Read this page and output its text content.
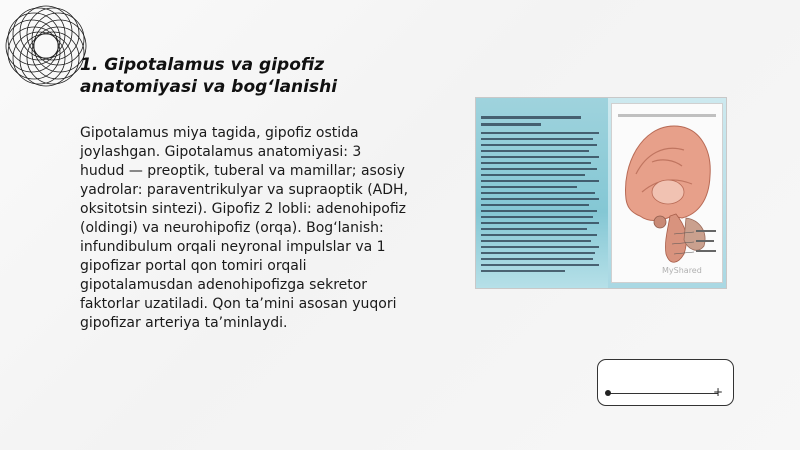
1. Gipotalamus va gipofiz anatomiyasi va bog‘lanishi
Gipotalamus miya tagida, gipofiz ostida joylashgan. Gipotalamus anatomiyasi: 3 hudud — preoptik, tuberal va mamillar; asosiy yadrolar: paraventrikulyar va supraoptik (ADH, oksitotsin sintezi). Gipofiz 2 lobli: adenohipofiz (oldingi) va neurohipofiz (orqa). Bog‘lanish: infundibulum orqali neyronal impulslar va 1 gipofizar portal qon tomiri orqali gipotalamusdan adenohipofizga sekretor faktorlar uzatiladi. Qon ta’mini asosan yuqori gipofizar arteriya ta’minlaydi.
MyShared
+
